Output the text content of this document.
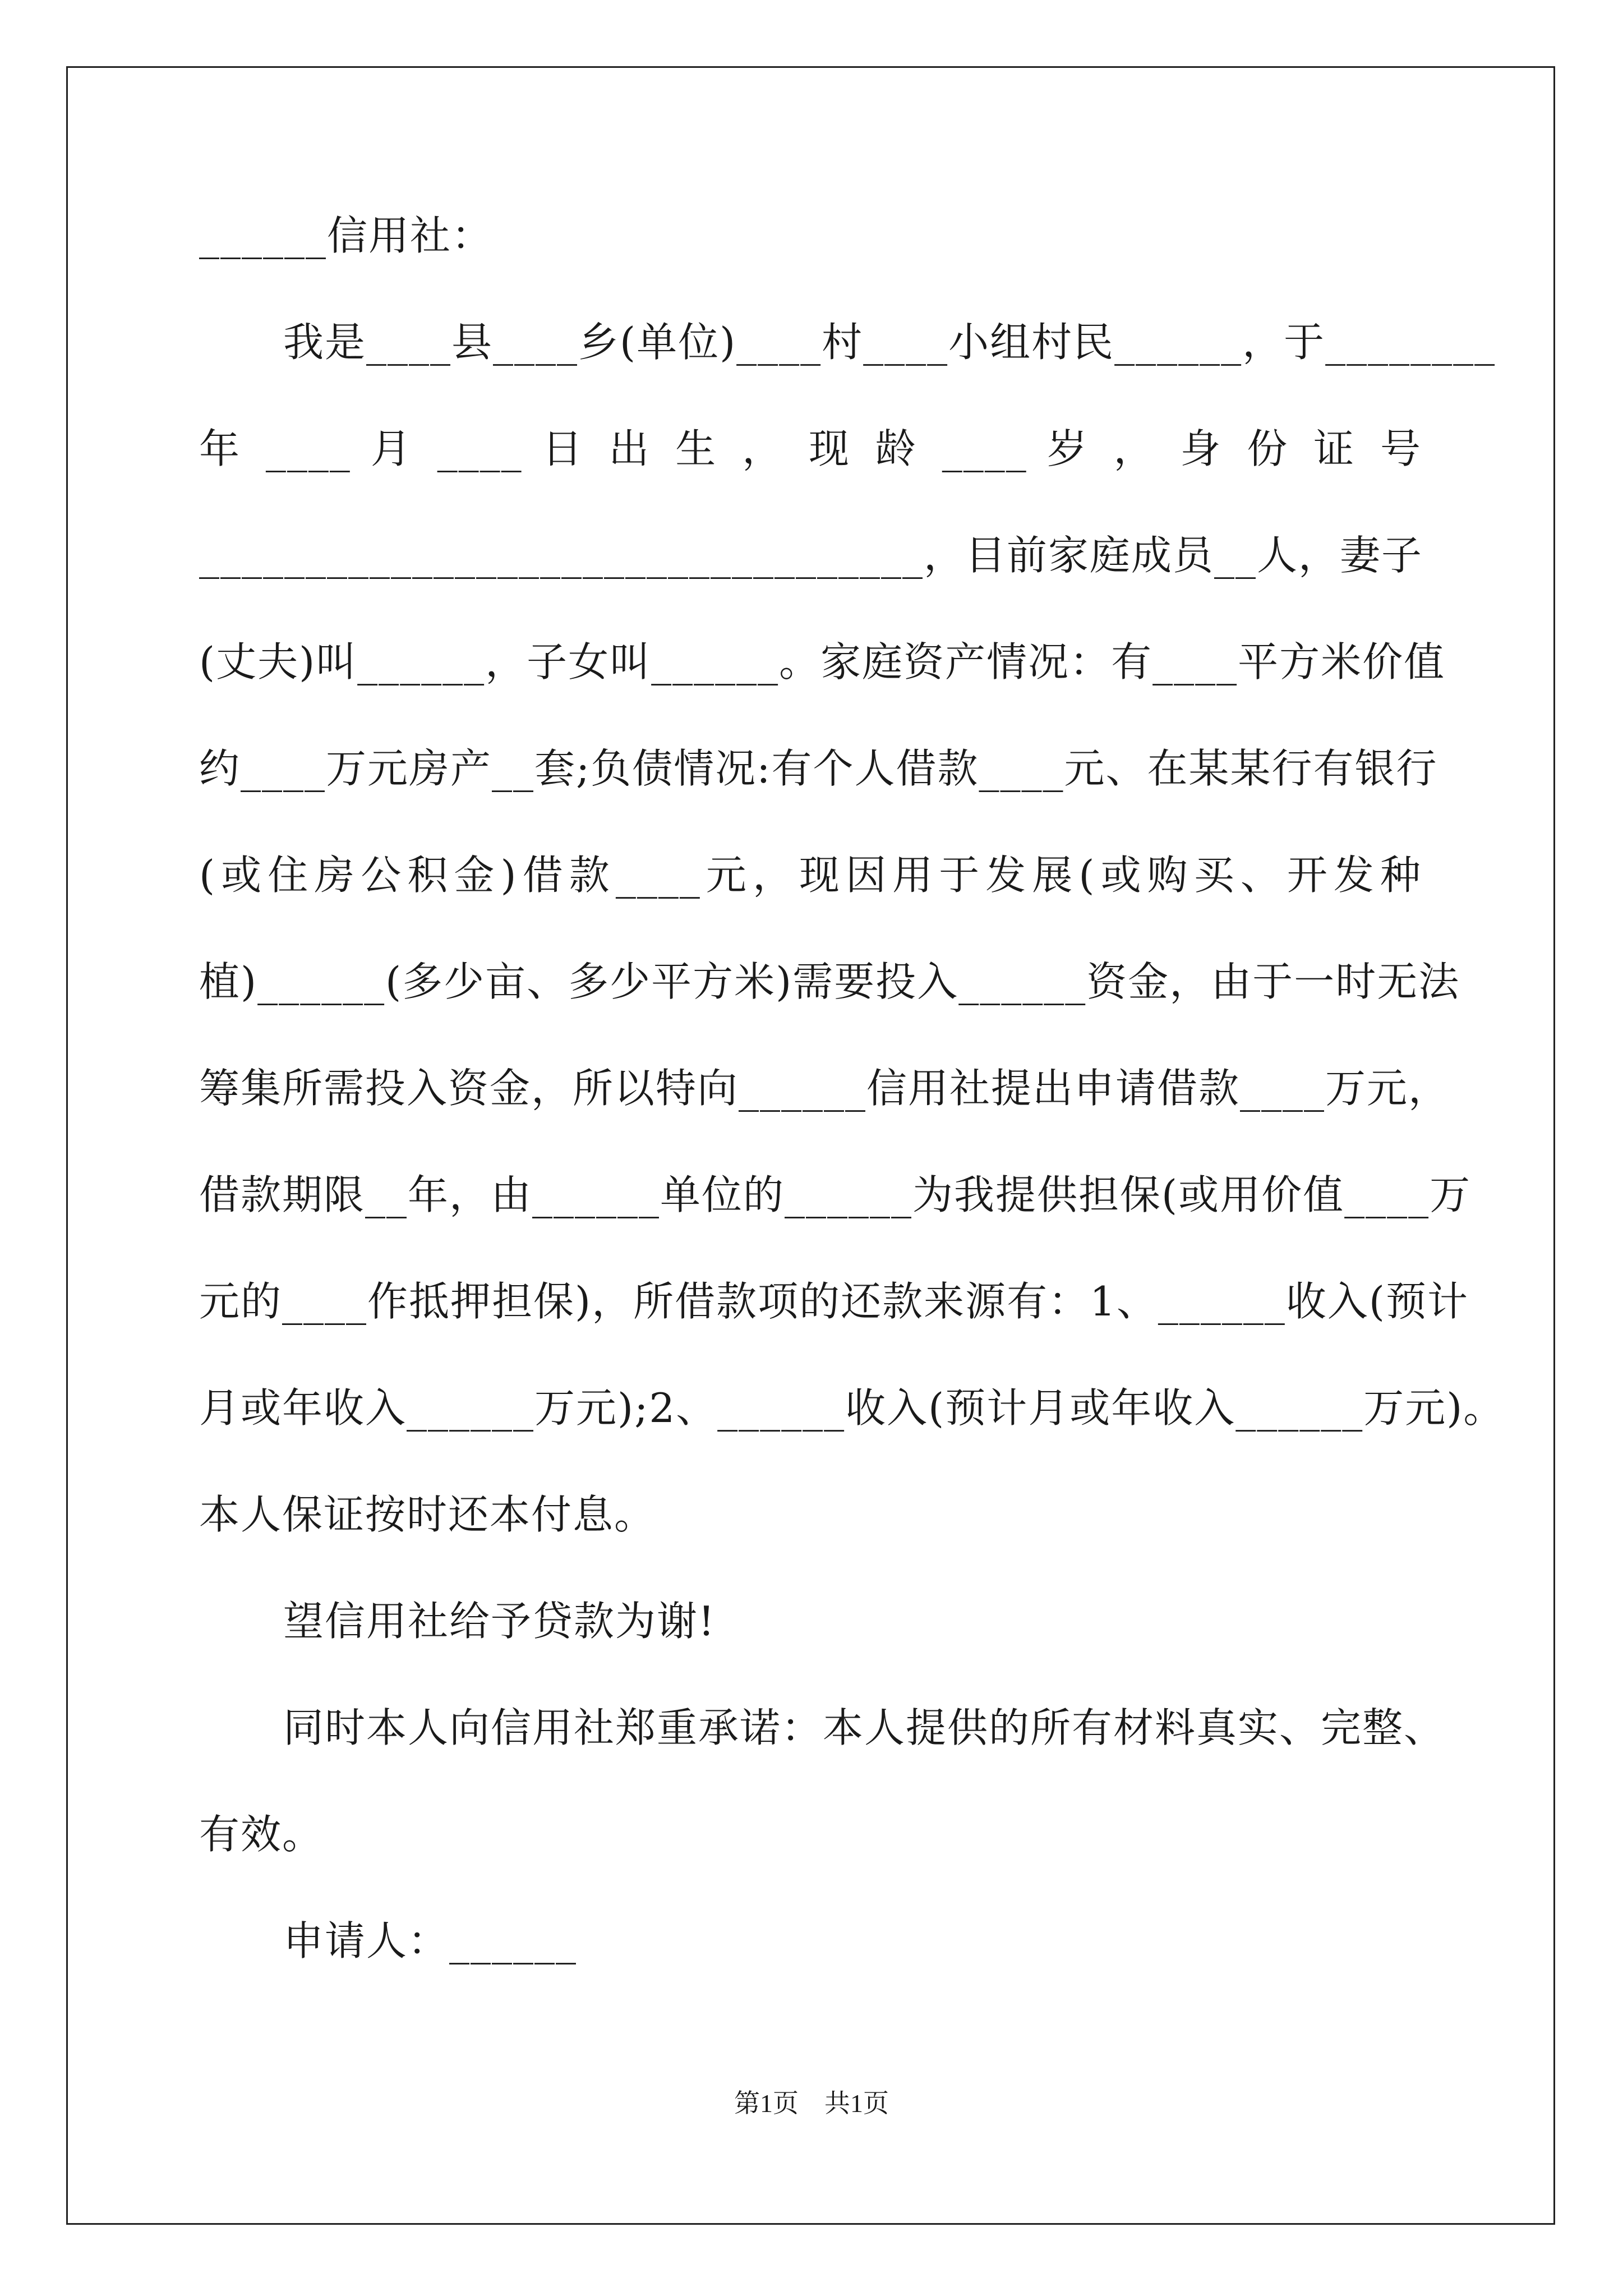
______信用社：
我是____县____乡(单位)____村____小组村民______，于________
年 ____ 月 ____ 日 出 生 ， 现 龄 ____ 岁 ， 身 份 证 号
__________________________________，目前家庭成员__人，妻子
(丈夫)叫______，子女叫______。家庭资产情况：有____平方米价值
约____万元房产__套;负债情况:有个人借款____元、在某某行有银行
(或住房公积金)借款____元，现因用于发展(或购买、开发种
植)______(多少亩、多少平方米)需要投入______资金，由于一时无法
筹集所需投入资金，所以特向______信用社提出申请借款____万元，
借款期限__年，由______单位的______为我提供担保(或用价值____万
元的____作抵押担保)，所借款项的还款来源有：1、______收入(预计
月或年收入______万元);2、______收入(预计月或年收入______万元)。
本人保证按时还本付息。
望信用社给予贷款为谢!
同时本人向信用社郑重承诺：本人提供的所有材料真实、完整、
有效。
申请人：______
第1页　共1页
